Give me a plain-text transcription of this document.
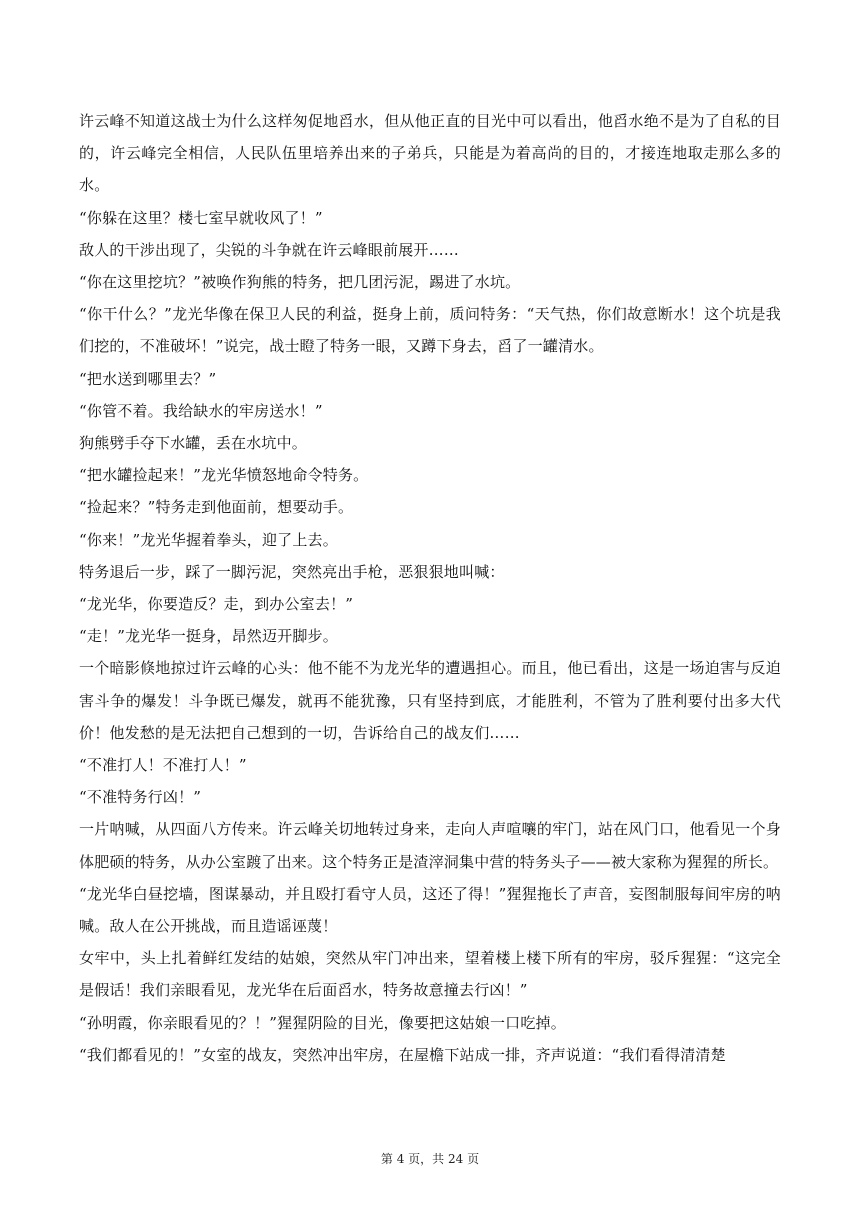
许云峰不知道这战士为什么这样匆促地舀水，但从他正直的目光中可以看出，他舀水绝不是为了自私的目的，许云峰完全相信，人民队伍里培养出来的子弟兵，只能是为着高尚的目的，才接连地取走那么多的水。

“你躲在这里？楼七室早就收风了！”

敌人的干涉出现了，尖锐的斗争就在许云峰眼前展开……

“你在这里挖坑？”被唤作狗熊的特务，把几团污泥，踢进了水坑。

“你干什么？”龙光华像在保卫人民的利益，挺身上前，质问特务：“天气热，你们故意断水！这个坑是我们挖的，不准破坏！”说完，战士瞪了特务一眼，又蹲下身去，舀了一罐清水。

“把水送到哪里去？”

“你管不着。我给缺水的牢房送水！”

狗熊劈手夺下水罐，丢在水坑中。

“把水罐捡起来！”龙光华愤怒地命令特务。

“捡起来？”特务走到他面前，想要动手。

“你来！”龙光华握着拳头，迎了上去。

特务退后一步，踩了一脚污泥，突然亮出手枪，恶狠狠地叫喊：

“龙光华，你要造反？走，到办公室去！”

“走！”龙光华一挺身，昂然迈开脚步。

一个暗影倏地掠过许云峰的心头：他不能不为龙光华的遭遇担心。而且，他已看出，这是一场迫害与反迫害斗争的爆发！斗争既已爆发，就再不能犹豫，只有坚持到底，才能胜利，不管为了胜利要付出多大代价！他发愁的是无法把自己想到的一切，告诉给自己的战友们……

“不准打人！不准打人！”

“不准特务行凶！”

一片呐喊，从四面八方传来。许云峰关切地转过身来，走向人声喧嚷的牢门，站在风门口，他看见一个身体肥硕的特务，从办公室踱了出来。这个特务正是渣滓洞集中营的特务头子——被大家称为猩猩的所长。

“龙光华白昼挖墙，图谋暴动，并且殴打看守人员，这还了得！”猩猩拖长了声音，妄图制服每间牢房的呐喊。敌人在公开挑战，而且造谣诬蔑！

女牢中，头上扎着鲜红发结的姑娘，突然从牢门冲出来，望着楼上楼下所有的牢房，驳斥猩猩：“这完全是假话！我们亲眼看见，龙光华在后面舀水，特务故意撞去行凶！”

“孙明霞，你亲眼看见的？！”猩猩阴险的目光，像要把这姑娘一口吃掉。

“我们都看见的！”女室的战友，突然冲出牢房，在屋檐下站成一排，齐声说道：“我们看得清清楚

第 4 页，共 24 页
